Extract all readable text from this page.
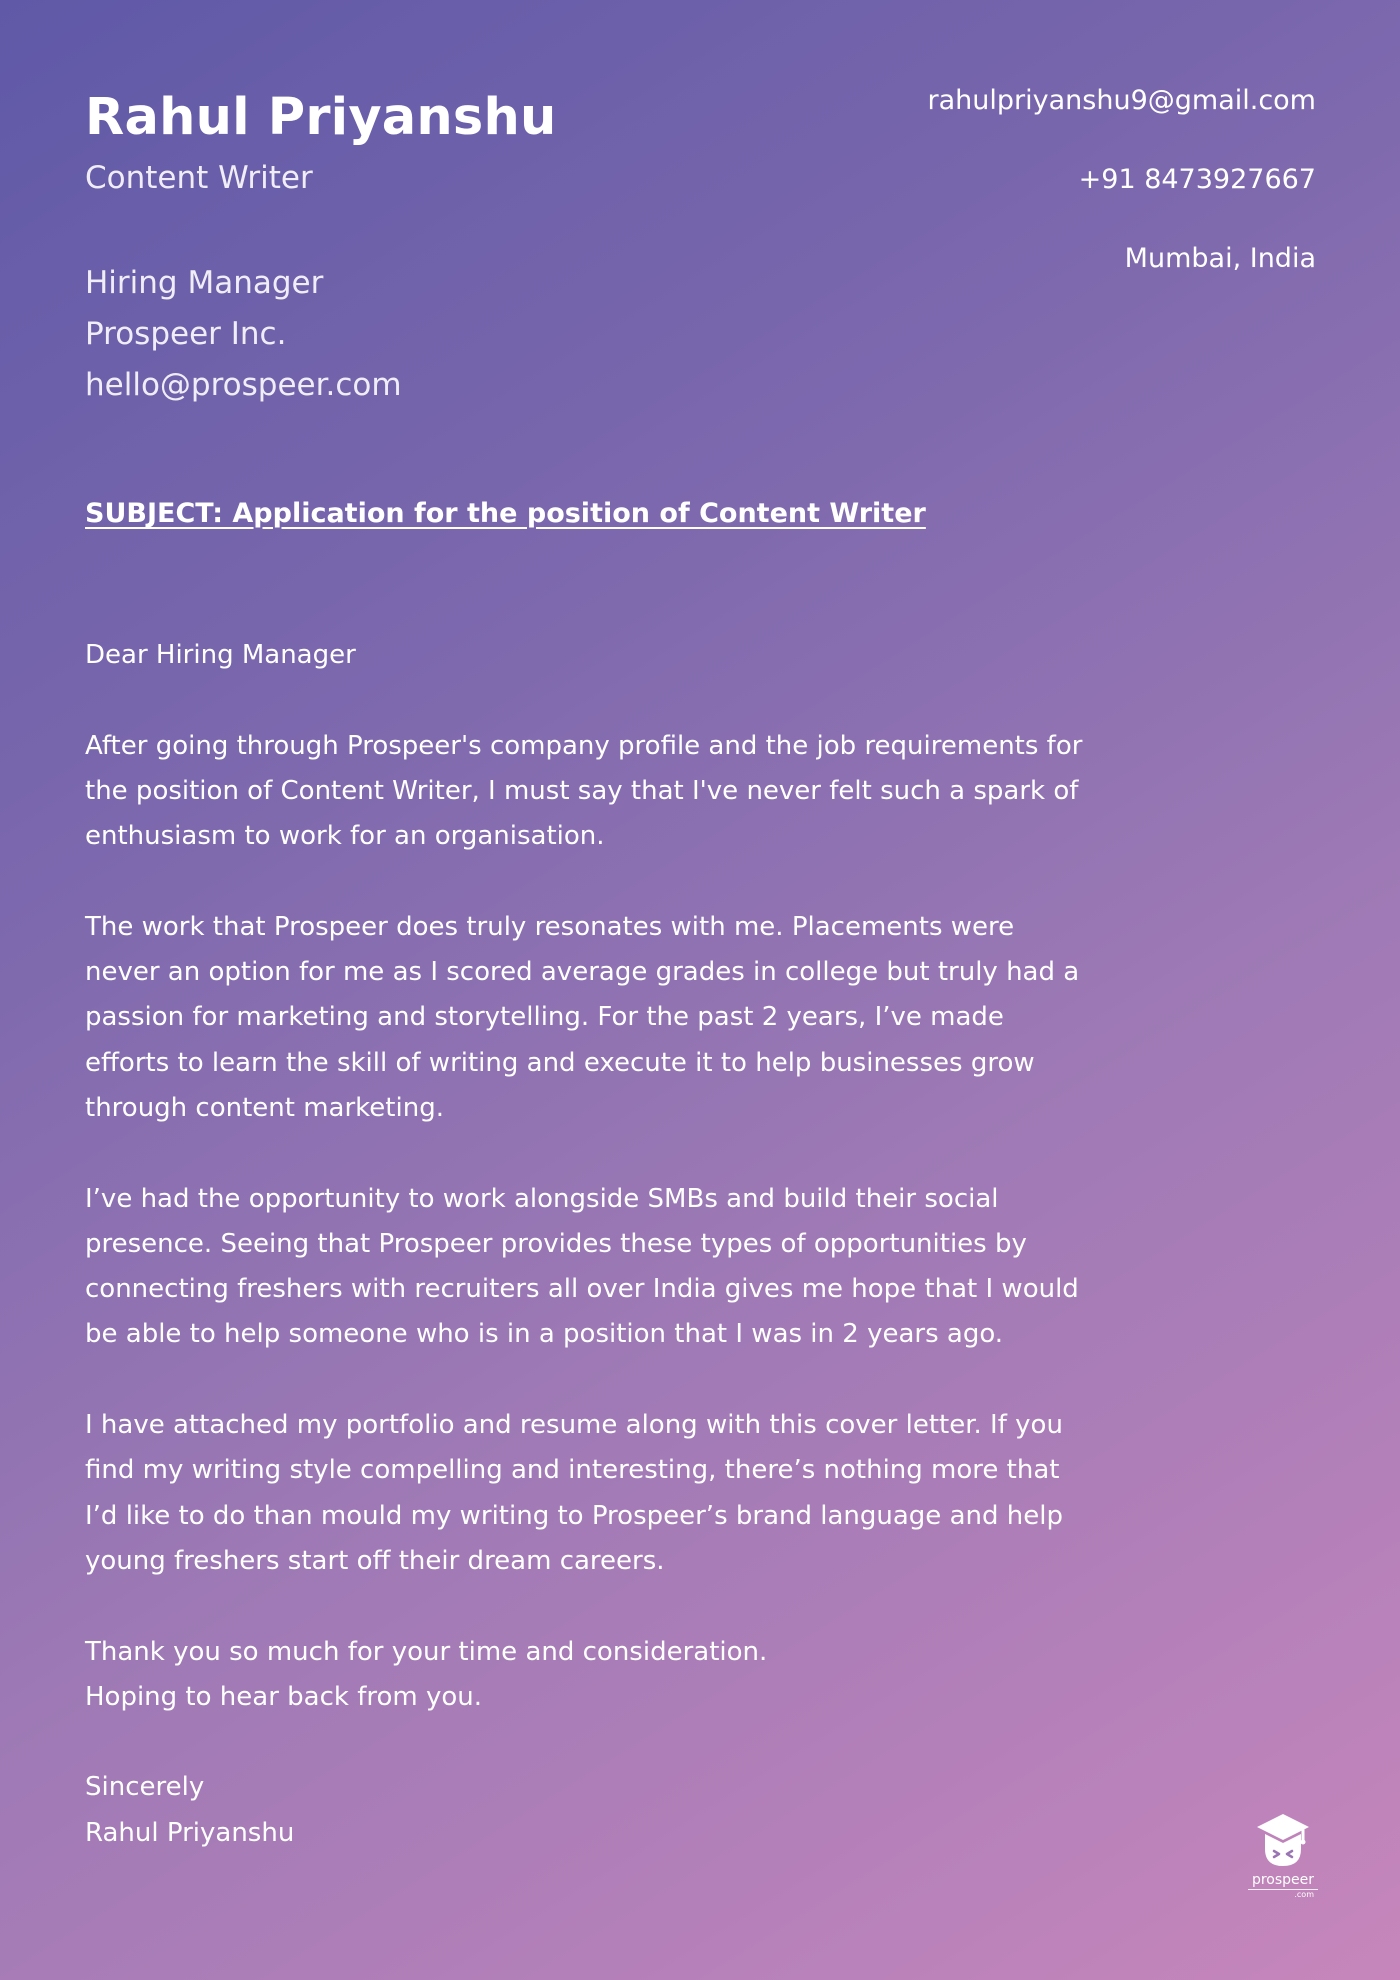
Rahul Priyanshu
Content Writer
rahulpriyanshu9@gmail.com
+91 8473927667
Mumbai, India
Hiring Manager
Prospeer Inc.
hello@prospeer.com
SUBJECT: Application for the position of Content Writer

Dear Hiring Manager

After going through Prospeer's company profile and the job requirements for the position of Content Writer, I must say that I've never felt such a spark of enthusiasm to work for an organisation.

The work that Prospeer does truly resonates with me. Placements were never an option for me as I scored average grades in college but truly had a passion for marketing and storytelling. For the past 2 years, I’ve made efforts to learn the skill of writing and execute it to help businesses grow through content marketing.

I’ve had the opportunity to work alongside SMBs and build their social presence. Seeing that Prospeer provides these types of opportunities by connecting freshers with recruiters all over India gives me hope that I would be able to help someone who is in a position that I was in 2 years ago.

I have attached my portfolio and resume along with this cover letter. If you find my writing style compelling and interesting, there’s nothing more that I’d like to do than mould my writing to Prospeer’s brand language and help young freshers start off their dream careers.

Thank you so much for your time and consideration.
Hoping to hear back from you.

Sincerely
Rahul Priyanshu

prospeer
.com
